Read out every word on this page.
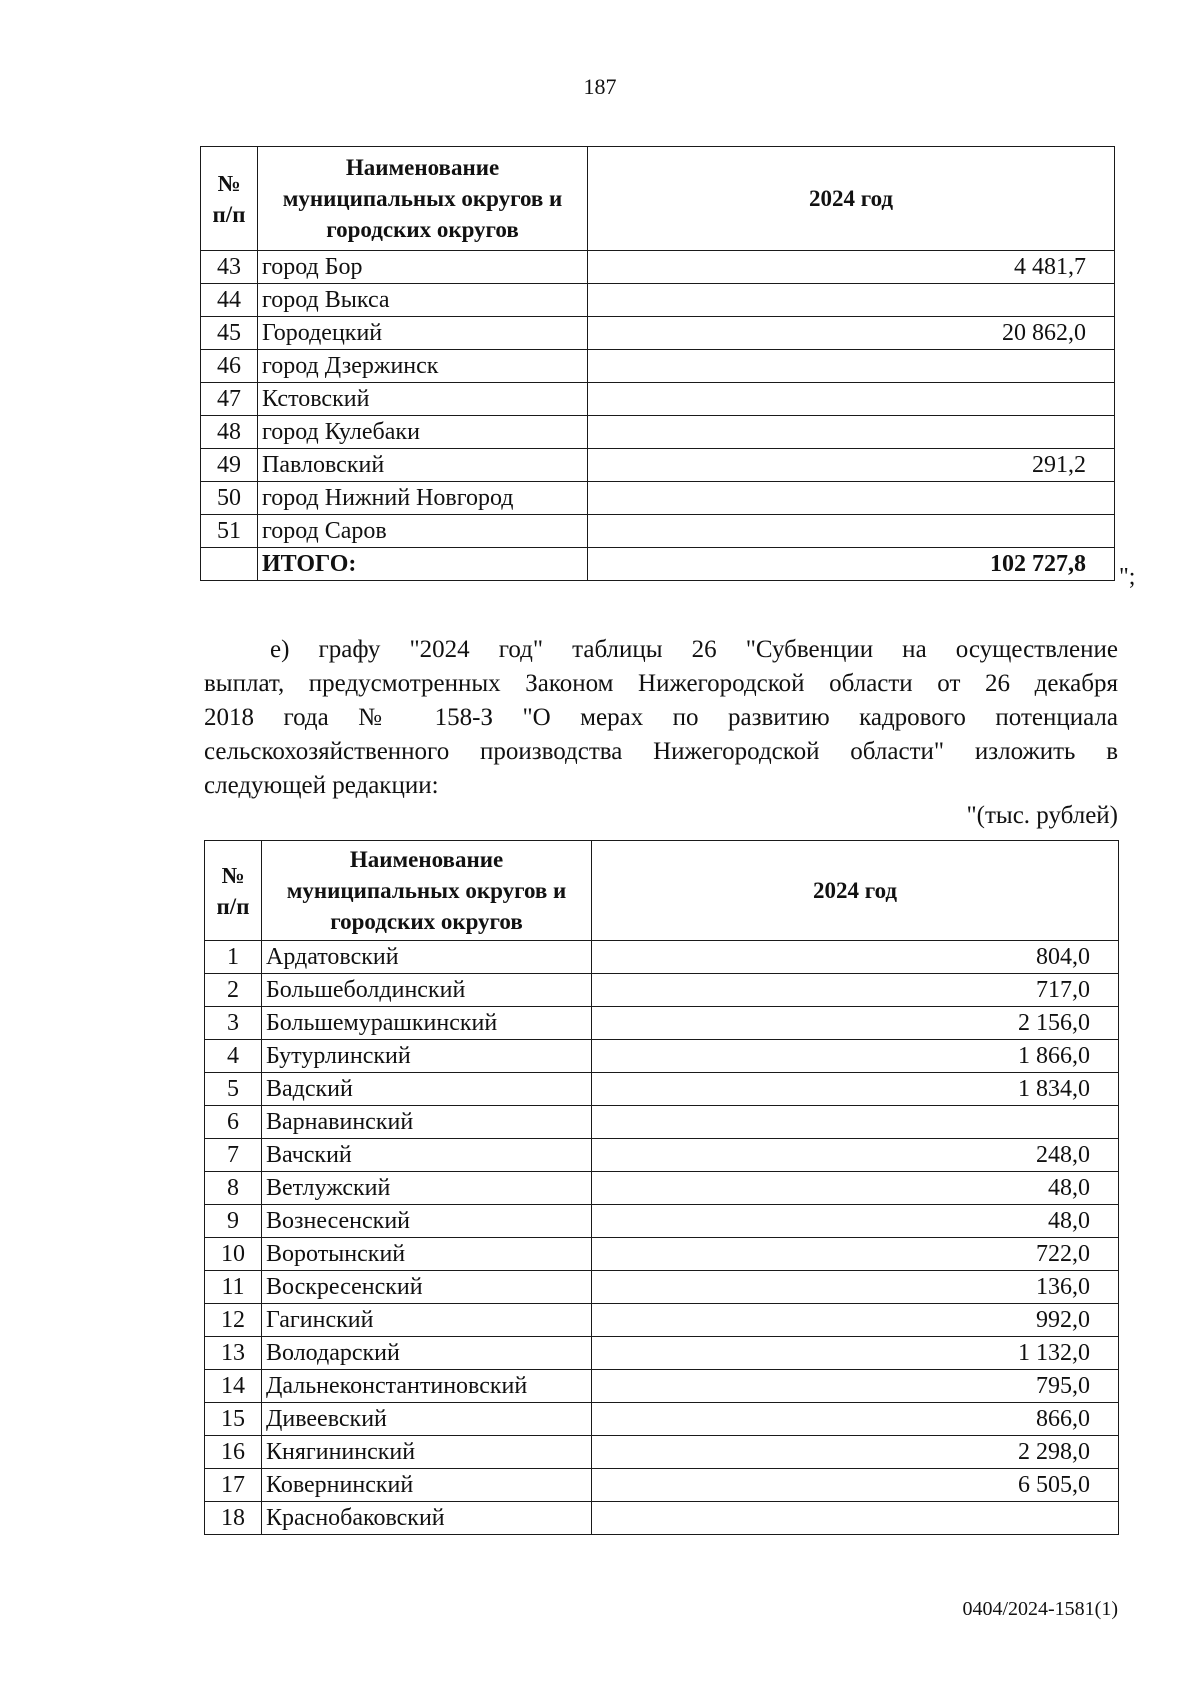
187
№ п/п	Наименование муниципальных округов и городских округов	2024 год
43	город Бор	4 481,7
44	город Выкса	
45	Городецкий	20 862,0
46	город Дзержинск	
47	Кстовский	
48	город Кулебаки	
49	Павловский	291,2
50	город Нижний Новгород	
51	город Саров	
	ИТОГО:	102 727,8 ";
е) графу "2024 год" таблицы 26 "Субвенции на осуществление
выплат, предусмотренных Законом Нижегородской области от 26 декабря
2018 года № 158-З "О мерах по развитию кадрового потенциала
сельскохозяйственного производства Нижегородской области" изложить в
следующей редакции:
"(тыс. рублей)
№ п/п	Наименование муниципальных округов и городских округов	2024 год
1	Ардатовский	804,0
2	Большеболдинский	717,0
3	Большемурашкинский	2 156,0
4	Бутурлинский	1 866,0
5	Вадский	1 834,0
6	Варнавинский	
7	Вачский	248,0
8	Ветлужский	48,0
9	Вознесенский	48,0
10	Воротынский	722,0
11	Воскресенский	136,0
12	Гагинский	992,0
13	Володарский	1 132,0
14	Дальнеконстантиновский	795,0
15	Дивеевский	866,0
16	Княгининский	2 298,0
17	Ковернинский	6 505,0
18	Краснобаковский	
0404/2024-1581(1)
